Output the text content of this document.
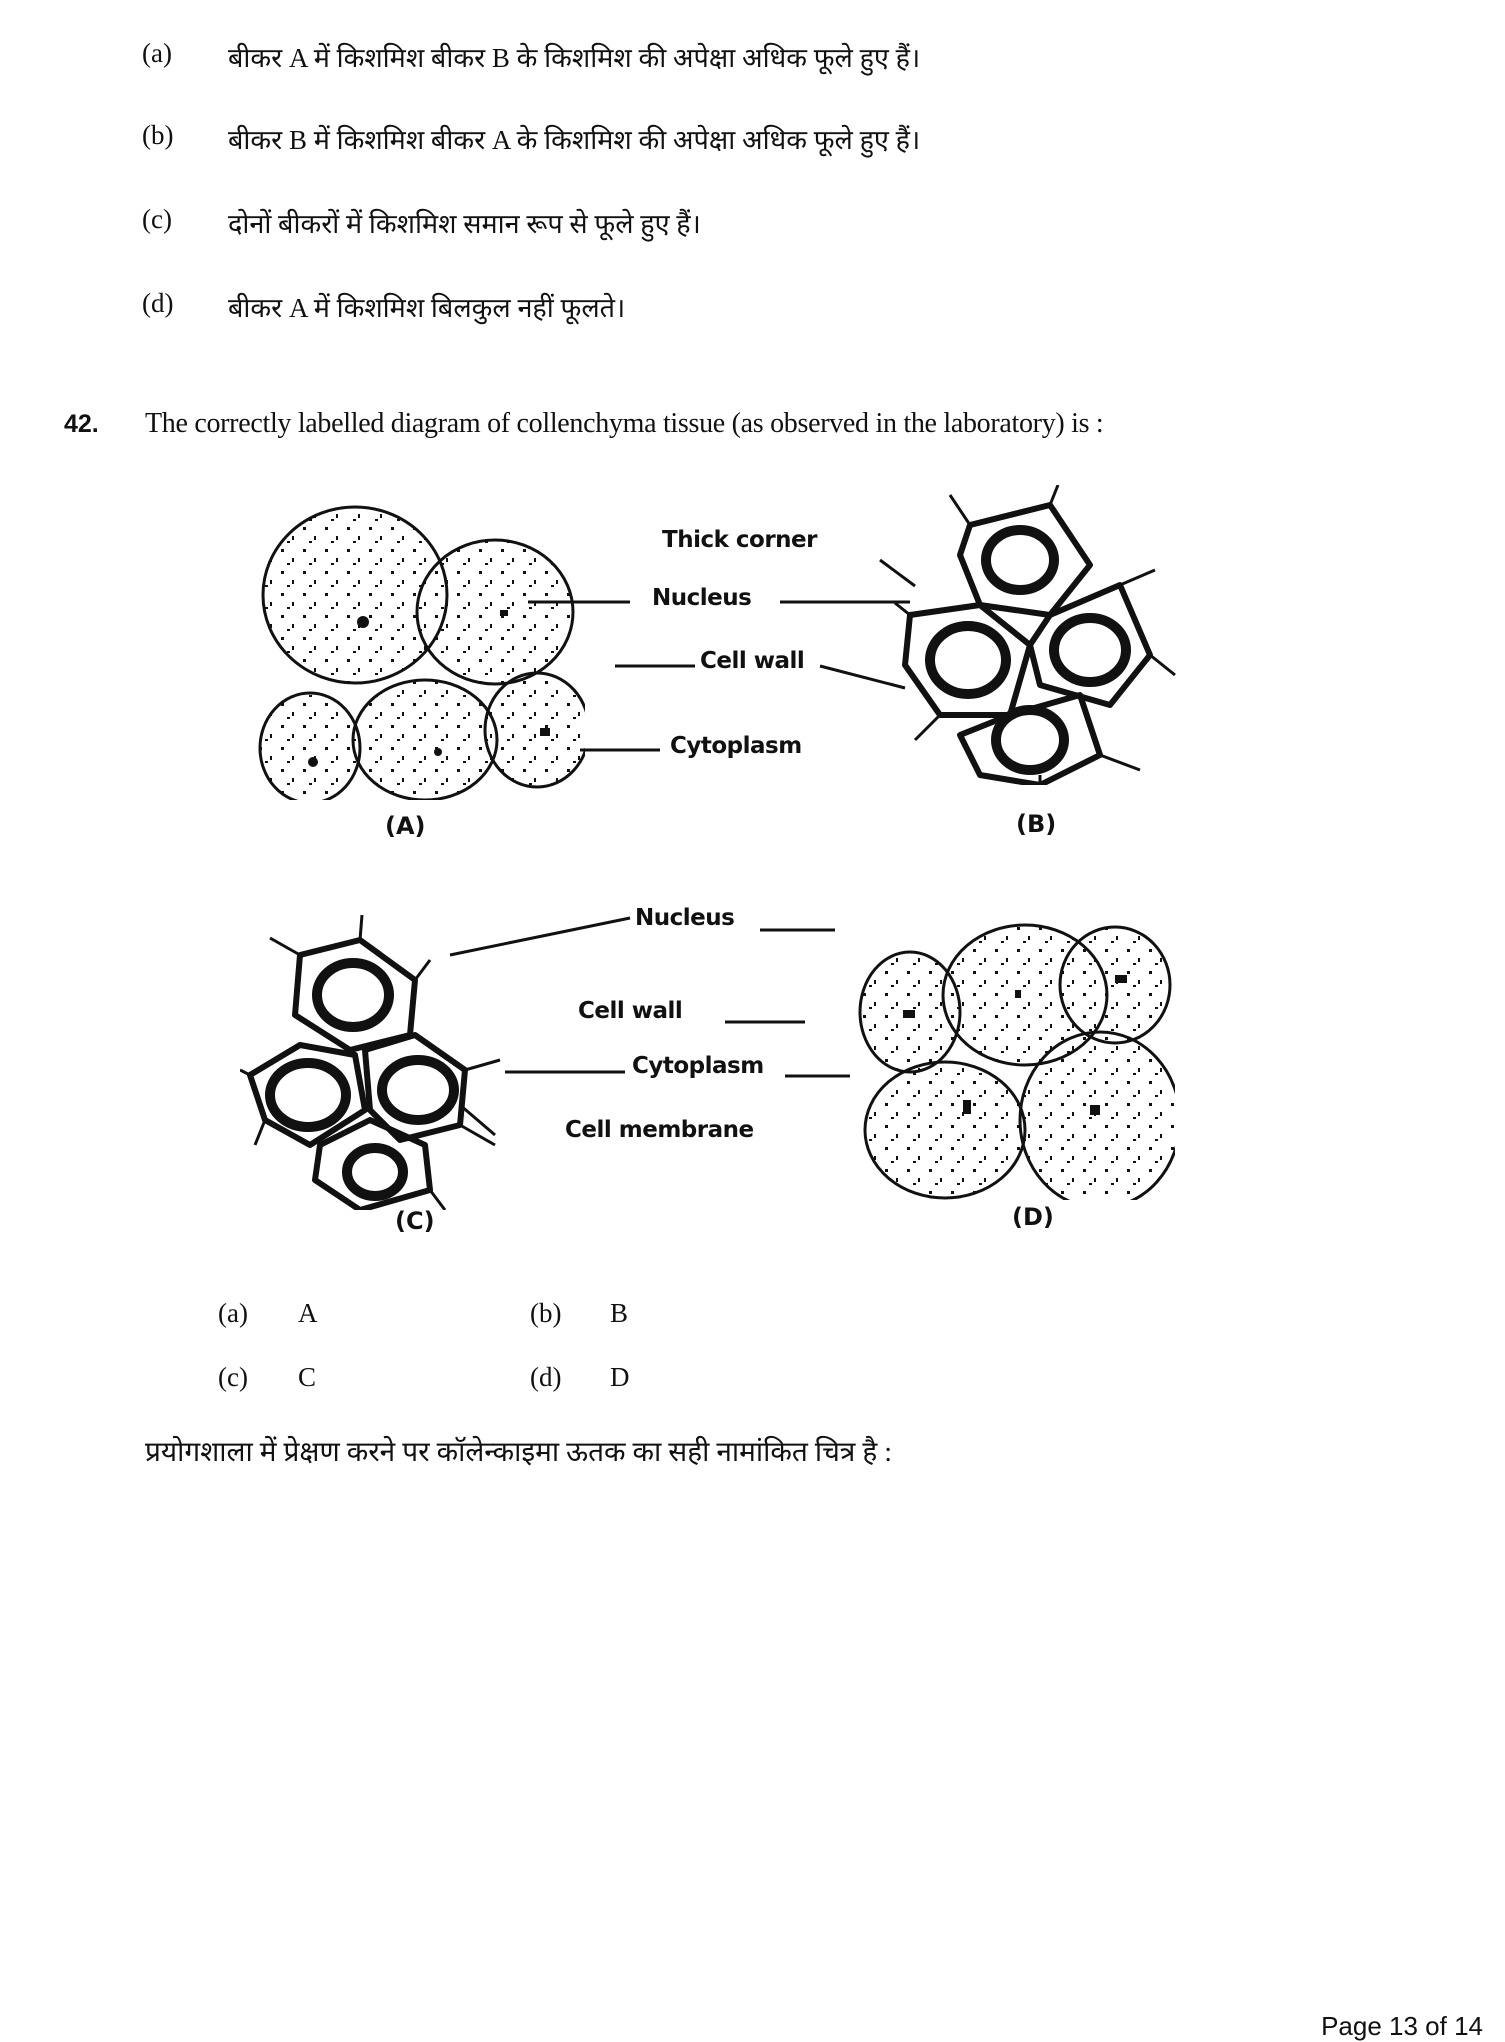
(a)	बीकर A में किशमिश बीकर B के किशमिश की अपेक्षा अधिक फूले हुए हैं।
(b)	बीकर B में किशमिश बीकर A के किशमिश की अपेक्षा अधिक फूले हुए हैं।
(c)	दोनों बीकरों में किशमिश समान रूप से फूले हुए हैं।
(d)	बीकर A में किशमिश बिलकुल नहीं फूलते।
42. The correctly labelled diagram of collenchyma tissue (as observed in the laboratory) is :
(A)
Thick corner
Nucleus
Cell wall
Cytoplasm
(B)
(C)
Nucleus
Cell wall
Cytoplasm
Cell membrane
(D)
(a)	A	(b)	B
(c)	C	(d)	D
प्रयोगशाला में प्रेक्षण करने पर कॉलेन्काइमा ऊतक का सही नामांकित चित्र है :
Page 13 of 14
